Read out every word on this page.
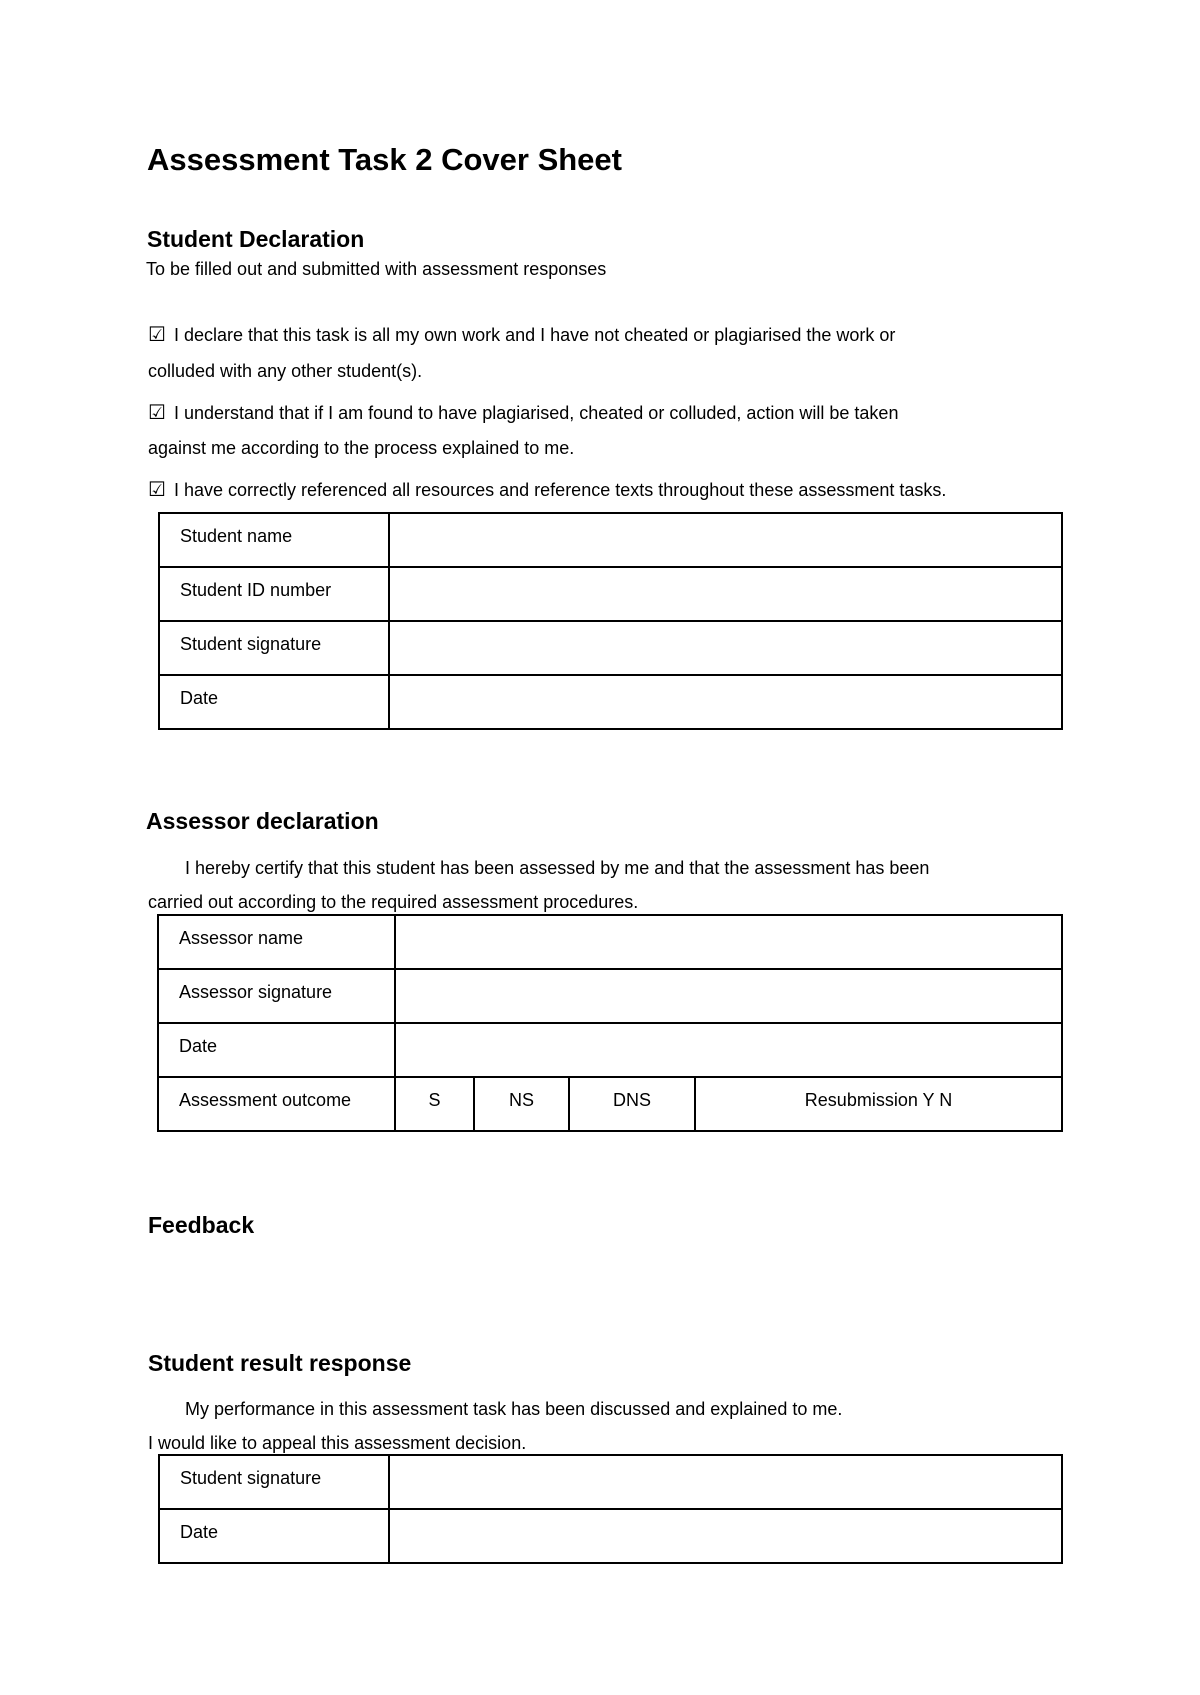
Assessment Task 2 Cover Sheet
Student Declaration
To be filled out and submitted with assessment responses
☑ I declare that this task is all my own work and I have not cheated or plagiarised the work or
colluded with any other student(s).
☑ I understand that if I am found to have plagiarised, cheated or colluded, action will be taken
against me according to the process explained to me.
☑ I have correctly referenced all resources and reference texts throughout these assessment tasks.
Student name	
Student ID number	
Student signature	
Date	
Assessor declaration
I hereby certify that this student has been assessed by me and that the assessment has been
carried out according to the required assessment procedures.
Assessor name				
Assessor signature				
Date				
Assessment outcome	S	NS	DNS	Resubmission Y N
Feedback
Student result response
My performance in this assessment task has been discussed and explained to me.
I would like to appeal this assessment decision.
Student signature	
Date	
